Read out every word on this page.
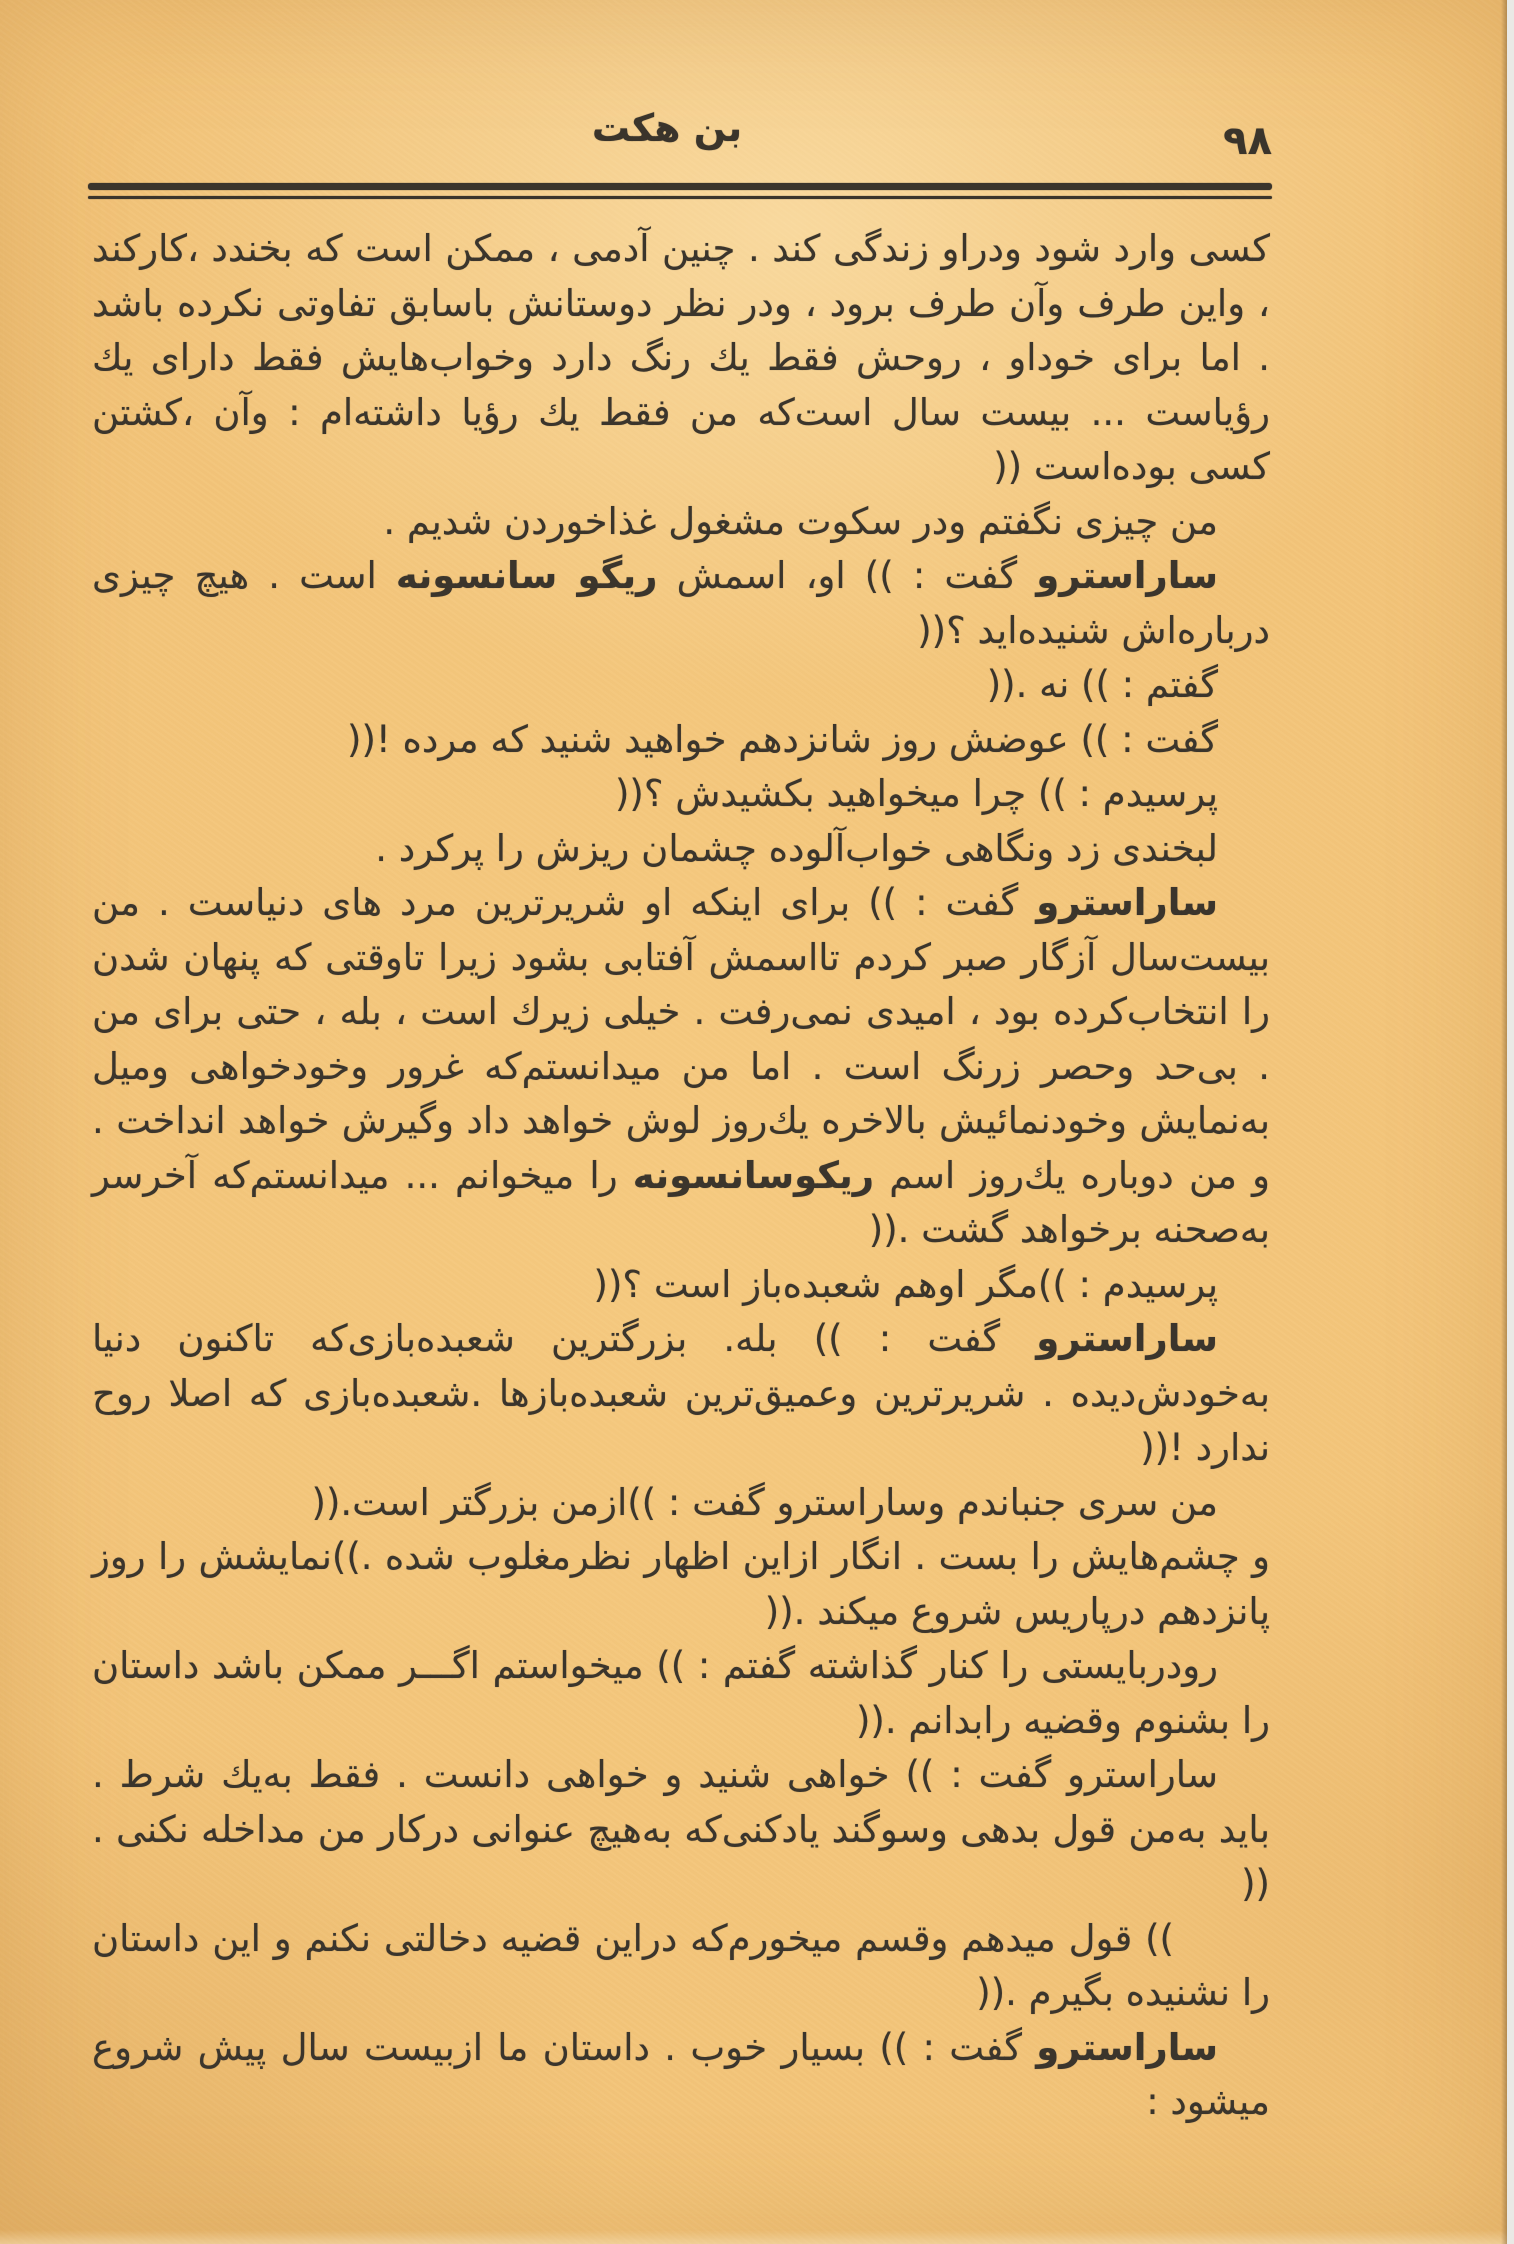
بن هکت	۹۸

کسی وارد شود ودراو زندگی کند . چنین آدمی ، ممکن است که بخندد ،کارکند ، واین طرف وآن طرف برود ، ودر نظر دوستانش باسابق تفاوتی نکرده باشد . اما برای خوداو ، روحش فقط یك رنگ دارد وخواب‌هایش فقط دارای یك رؤیاست ... بیست سال است‌که من فقط یك رؤیا داشته‌ام : وآن ،کشتن کسی بوده‌است ((

من چیزی نگفتم ودر سکوت مشغول غذاخوردن شدیم .

ساراسترو گفت : )) او، اسمش ریگو سانسونه است . هیچ چیزی درباره‌اش شنیده‌اید ؟((

گفتم : )) نه .((

گفت : )) عوضش روز شانزدهم خواهید شنید که مرده !((

پرسیدم : )) چرا میخواهید بکشیدش ؟((

لبخندی زد ونگاهی خواب‌آلوده چشمان ریزش را پرکرد .

ساراسترو گفت : )) برای اینکه او شریرترین مرد های دنیاست . من بیست‌سال آزگار صبر کردم تااسمش آفتابی بشود زیرا تاوقتی که پنهان شدن را انتخاب‌کرده بود ، امیدی نمی‌رفت . خیلی زیرك است ، بله ، حتی برای من . بی‌حد وحصر زرنگ است . اما من میدانستم‌که غرور وخودخواهی ومیل به‌نمایش وخودنمائیش بالاخره یك‌روز لوش خواهد داد وگیرش خواهد انداخت . و من دوباره یك‌روز اسم ریکوسانسونه را میخوانم ... میدانستم‌که آخرسر به‌صحنه برخواهد گشت .((

پرسیدم : ))مگر اوهم شعبده‌باز است ؟((

ساراسترو گفت : )) بله. بزرگترین شعبده‌بازی‌که تاکنون دنیا به‌خودش‌دیده . شریرترین وعمیق‌ترین شعبده‌بازها .شعبده‌بازی که اصلا روح ندارد !((

من سری جنباندم وساراسترو گفت : ))ازمن بزرگتر است.((

و چشم‌هایش را بست . انگار ازاین اظهار نظرمغلوب شده .))نمایشش را روز پانزدهم درپاریس شروع میکند .((

رودربایستی را کنار گذاشته گفتم : )) میخواستم اگـــر ممکن باشد داستان را بشنوم وقضیه رابدانم .((

ساراسترو گفت : )) خواهی شنید و خواهی دانست . فقط به‌یك شرط . باید به‌من قول بدهی وسوگند یادکنی‌که به‌هیچ عنوانی درکار من مداخله نکنی .((

)) قول میدهم وقسم میخورم‌که دراین قضیه دخالتی نکنم و این داستان را نشنیده بگیرم .((

ساراسترو گفت : )) بسیار خوب . داستان ما ازبیست سال پیش شروع میشود :
